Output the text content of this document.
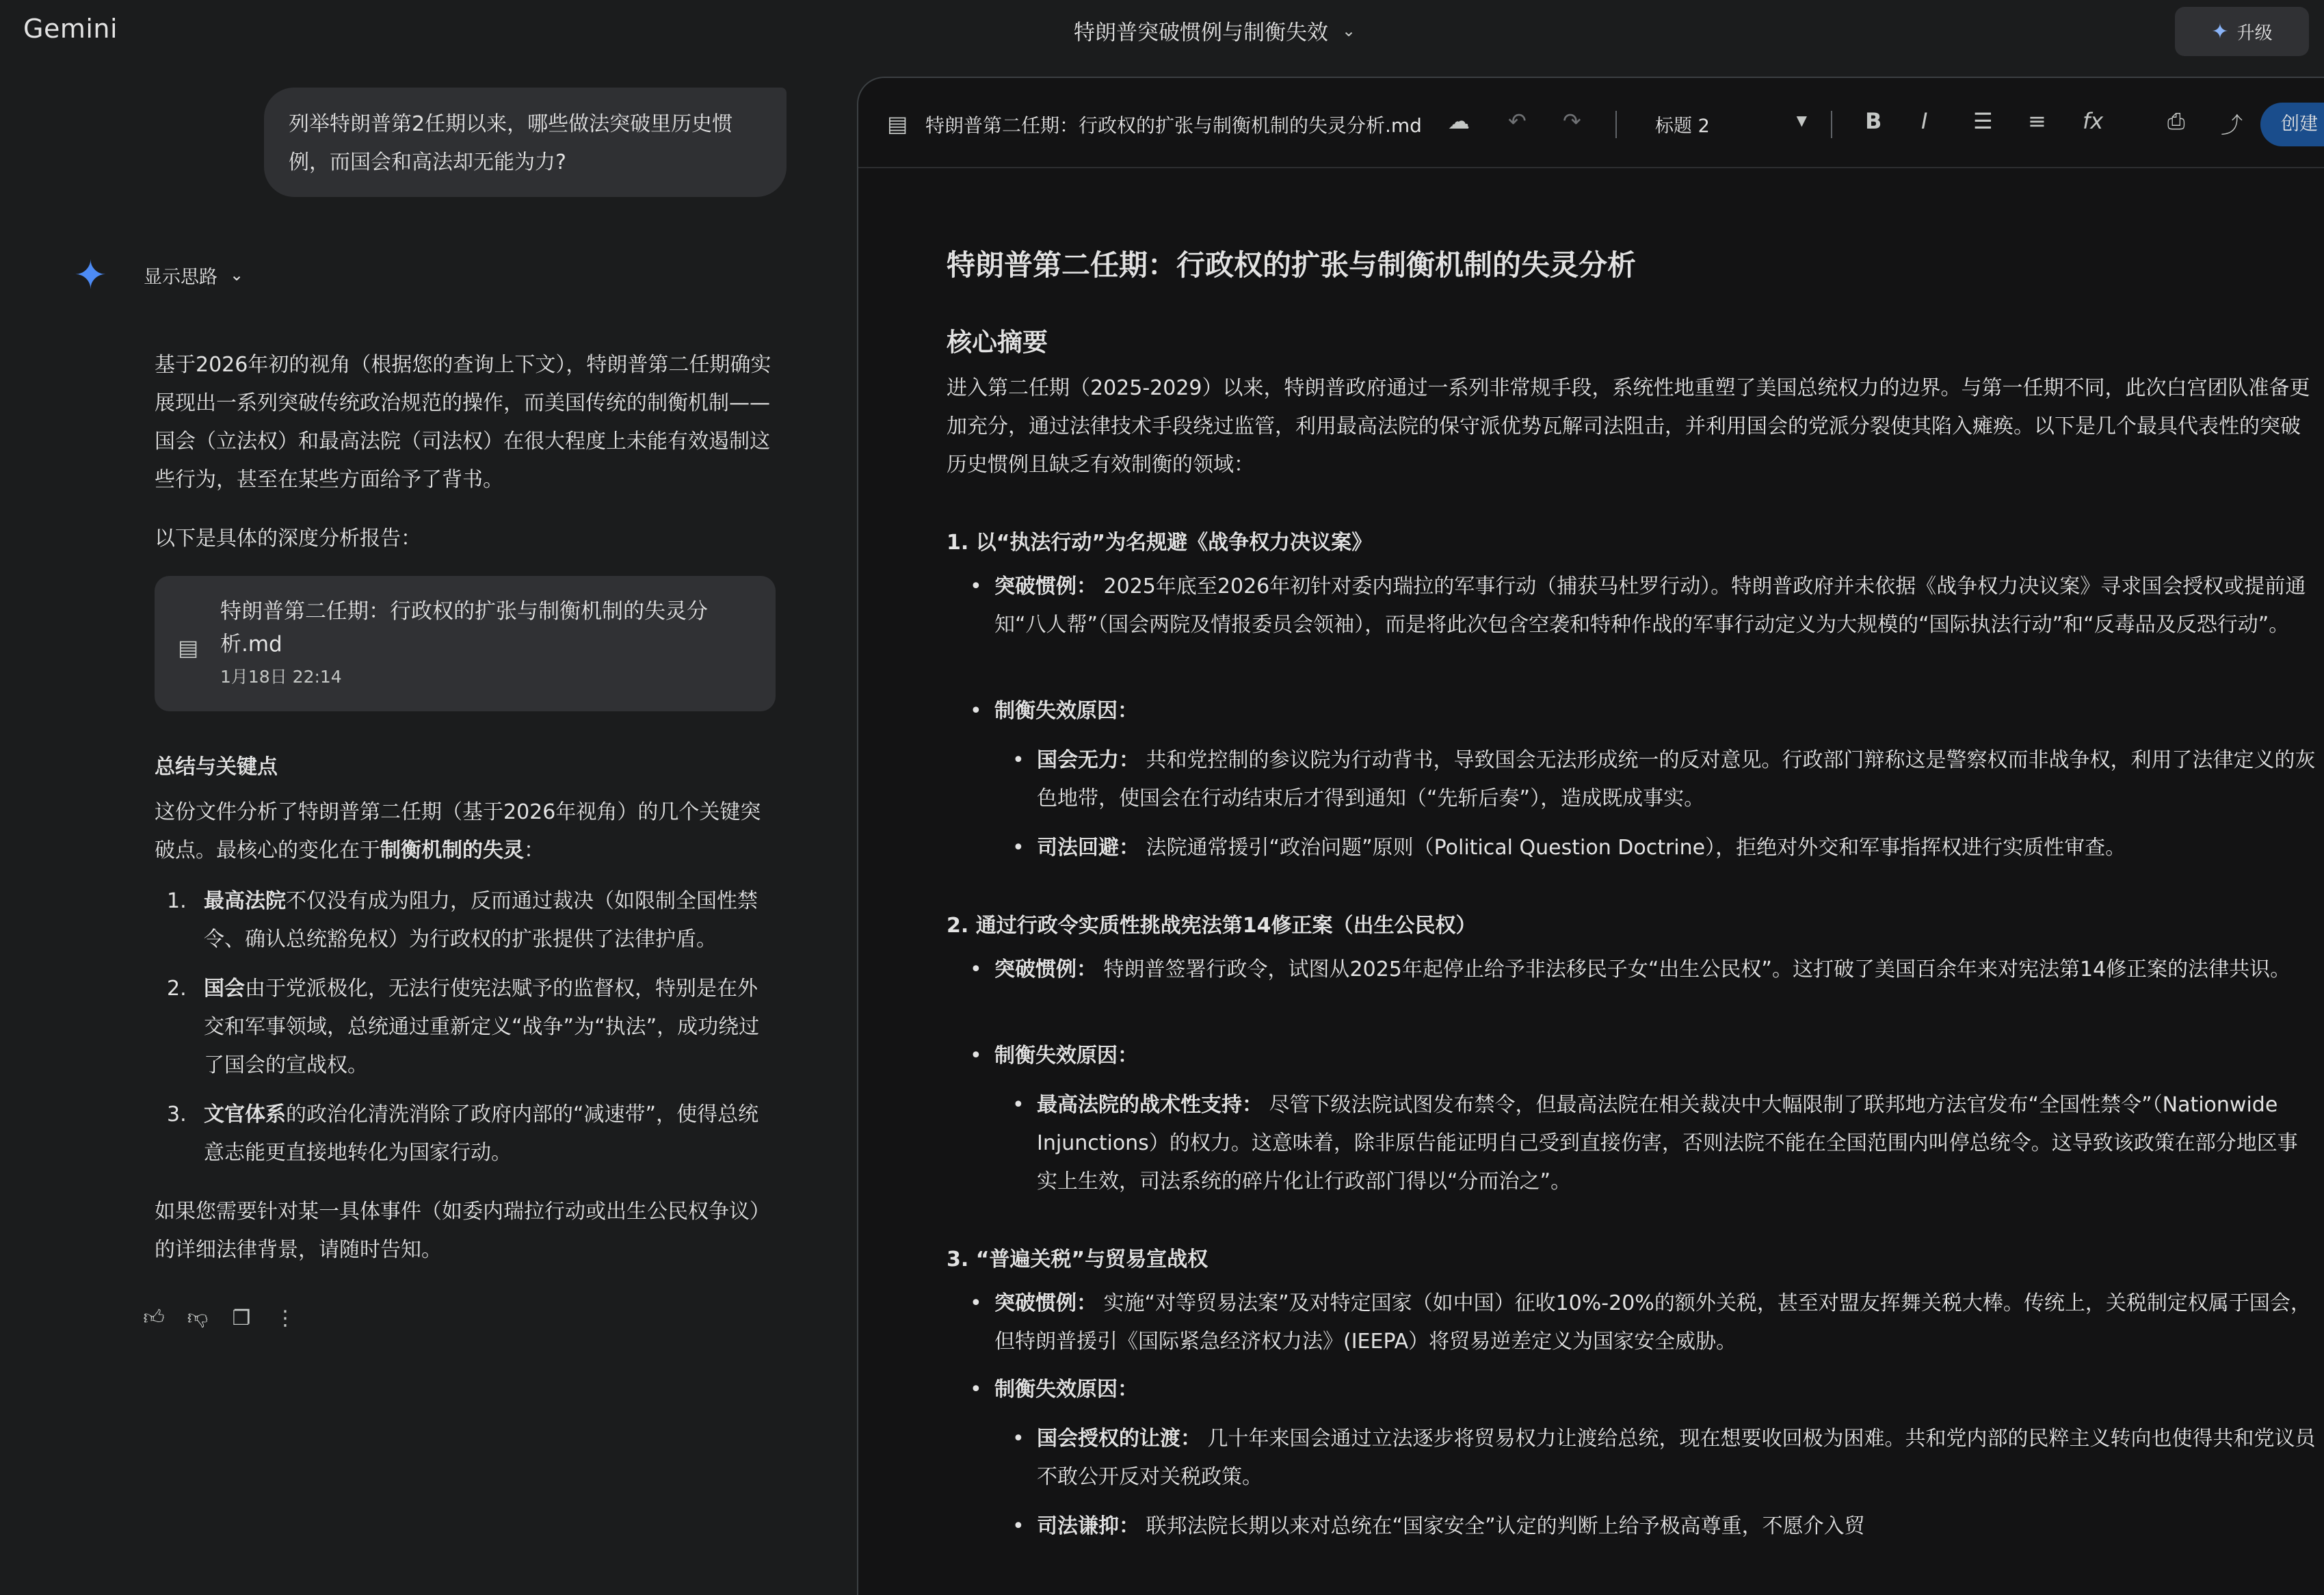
Gemini	特朗普突破惯例与制衡失效 ⌄	✦ 升级
列举特朗普第2任期以来，哪些做法突破里历史惯例，而国会和高法却无能为力?
✦	显示思路 ⌄
基于2026年初的视角（根据您的查询上下文），特朗普第二任期确实展现出一系列突破传统政治规范的操作，而美国传统的制衡机制——国会（立法权）和最高法院（司法权）在很大程度上未能有效遏制这些行为，甚至在某些方面给予了背书。
以下是具体的深度分析报告：
▤
特朗普第二任期：行政权的扩张与制衡机制的失灵分析.md
1月18日 22:14
总结与关键点
这份文件分析了特朗普第二任期（基于2026年视角）的几个关键突破点。最核心的变化在于制衡机制的失灵：
1. 最高法院不仅没有成为阻力，反而通过裁决（如限制全国性禁令、确认总统豁免权）为行政权的扩张提供了法律护盾。
2. 国会由于党派极化，无法行使宪法赋予的监督权，特别是在外交和军事领域，总统通过重新定义“战争”为“执法”，成功绕过了国会的宣战权。
3. 文官体系的政治化清洗消除了政府内部的“减速带”，使得总统意志能更直接地转化为国家行动。
如果您需要针对某一具体事件（如委内瑞拉行动或出生公民权争议）的详细法律背景，请随时告知。
👍︎ 👎︎ ❐ ⋮
▤ 特朗普第二任期：行政权的扩张与制衡机制的失灵分析.md ☁ ↶ ↷	标题 2	▼	B I ☰ ≡ fx	⎙ ⤴	创建
特朗普第二任期：行政权的扩张与制衡机制的失灵分析
核心摘要
进入第二任期（2025-2029）以来，特朗普政府通过一系列非常规手段，系统性地重塑了美国总统权力的边界。与第一任期不同，此次白宫团队准备更加充分，通过法律技术手段绕过监管，利用最高法院的保守派优势瓦解司法阻击，并利用国会的党派分裂使其陷入瘫痪。以下是几个最具代表性的突破历史惯例且缺乏有效制衡的领域：
1. 以“执法行动”为名规避《战争权力决议案》
• 突破惯例： 2025年底至2026年初针对委内瑞拉的军事行动（捕获马杜罗行动）。特朗普政府并未依据《战争权力决议案》寻求国会授权或提前通知“八人帮”（国会两院及情报委员会领袖），而是将此次包含空袭和特种作战的军事行动定义为大规模的“国际执法行动”和“反毒品及反恐行动”。
• 制衡失效原因：
• 国会无力： 共和党控制的参议院为行动背书，导致国会无法形成统一的反对意见。行政部门辩称这是警察权而非战争权，利用了法律定义的灰色地带，使国会在行动结束后才得到通知（“先斩后奏”），造成既成事实。
• 司法回避： 法院通常援引“政治问题”原则（Political Question Doctrine），拒绝对外交和军事指挥权进行实质性审查。
2. 通过行政令实质性挑战宪法第14修正案（出生公民权）
• 突破惯例： 特朗普签署行政令，试图从2025年起停止给予非法移民子女“出生公民权”。这打破了美国百余年来对宪法第14修正案的法律共识。
• 制衡失效原因：
• 最高法院的战术性支持： 尽管下级法院试图发布禁令，但最高法院在相关裁决中大幅限制了联邦地方法官发布“全国性禁令”（Nationwide Injunctions）的权力。这意味着，除非原告能证明自己受到直接伤害，否则法院不能在全国范围内叫停总统令。这导致该政策在部分地区事实上生效，司法系统的碎片化让行政部门得以“分而治之”。
3. “普遍关税”与贸易宣战权
• 突破惯例： 实施“对等贸易法案”及对特定国家（如中国）征收10%-20%的额外关税，甚至对盟友挥舞关税大棒。传统上，关税制定权属于国会，但特朗普援引《国际紧急经济权力法》(IEEPA）将贸易逆差定义为国家安全威胁。
• 制衡失效原因：
• 国会授权的让渡： 几十年来国会通过立法逐步将贸易权力让渡给总统，现在想要收回极为困难。共和党内部的民粹主义转向也使得共和党议员不敢公开反对关税政策。
• 司法谦抑： 联邦法院长期以来对总统在“国家安全”认定的判断上给予极高尊重，不愿介入贸
